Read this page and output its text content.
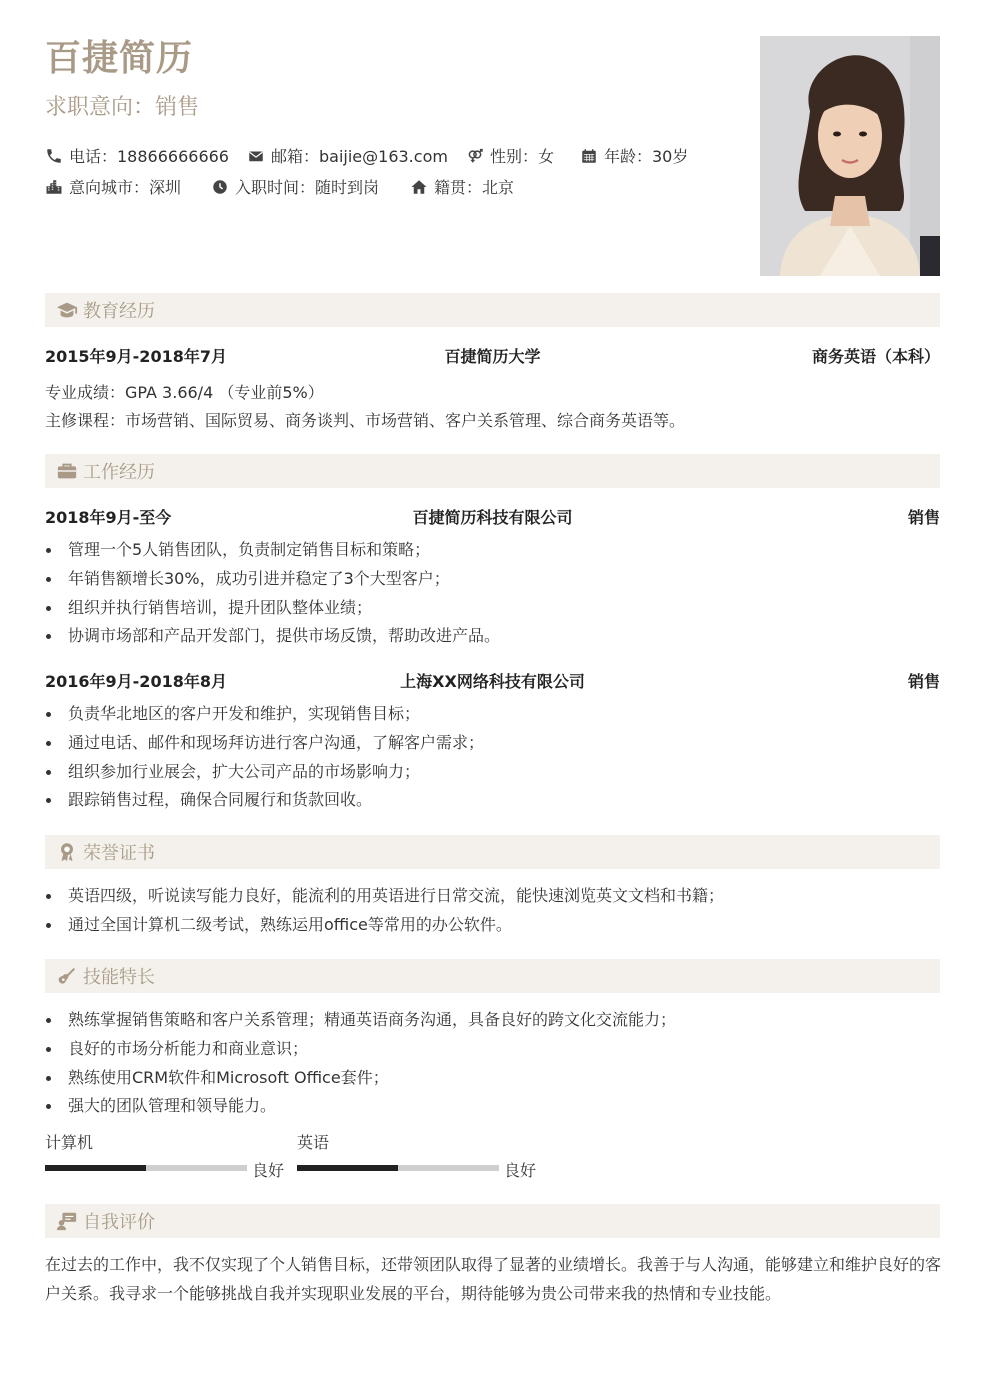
百捷简历
求职意向：销售
电话：18866666666	邮箱：baijie@163.com	性别：女	年龄：30岁
意向城市：深圳	入职时间：随时到岗	籍贯：北京
教育经历
2015年9月-2018年7月	百捷简历大学	商务英语（本科）
专业成绩：GPA 3.66/4 （专业前5%）
主修课程：市场营销、国际贸易、商务谈判、市场营销、客户关系管理、综合商务英语等。
工作经历
2018年9月-至今	百捷简历科技有限公司	销售
管理一个5人销售团队，负责制定销售目标和策略；
年销售额增长30%，成功引进并稳定了3个大型客户；
组织并执行销售培训，提升团队整体业绩；
协调市场部和产品开发部门，提供市场反馈，帮助改进产品。
2016年9月-2018年8月	上海XX网络科技有限公司	销售
负责华北地区的客户开发和维护，实现销售目标；
通过电话、邮件和现场拜访进行客户沟通，了解客户需求；
组织参加行业展会，扩大公司产品的市场影响力；
跟踪销售过程，确保合同履行和货款回收。
荣誉证书
英语四级，听说读写能力良好，能流利的用英语进行日常交流，能快速浏览英文文档和书籍；
通过全国计算机二级考试，熟练运用office等常用的办公软件。
技能特长
熟练掌握销售策略和客户关系管理；精通英语商务沟通，具备良好的跨文化交流能力；
良好的市场分析能力和商业意识；
熟练使用CRM软件和Microsoft Office套件；
强大的团队管理和领导能力。
计算机
良好
英语
良好
自我评价
在过去的工作中，我不仅实现了个人销售目标，还带领团队取得了显著的业绩增长。我善于与人沟通，能够建立和维护良好的客户关系。我寻求一个能够挑战自我并实现职业发展的平台，期待能够为贵公司带来我的热情和专业技能。
